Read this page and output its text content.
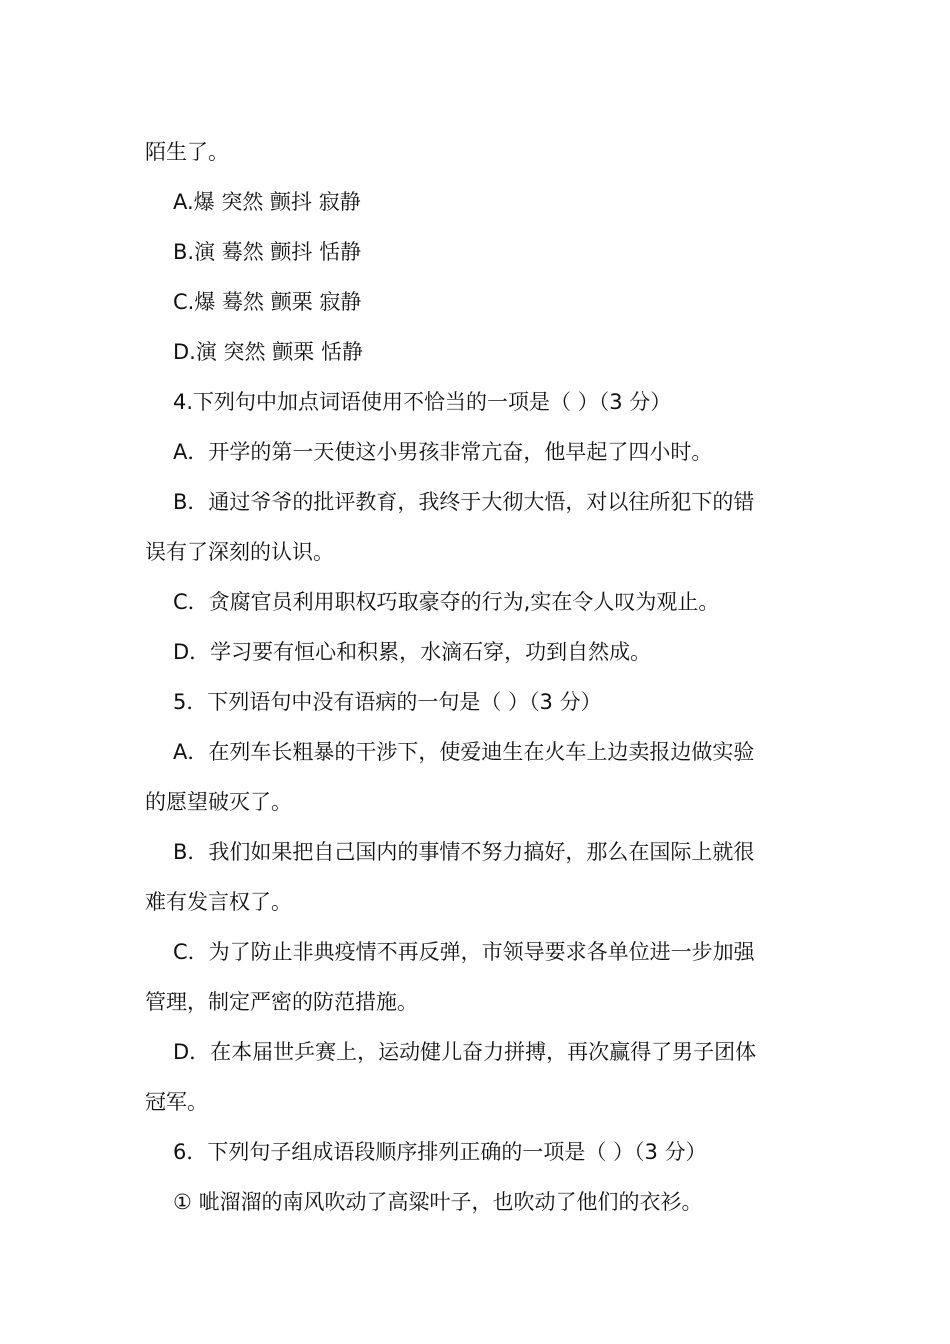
陌生了。
A.爆 突然 颤抖 寂静
B.演 蓦然 颤抖 恬静
C.爆 蓦然 颤栗 寂静
D.演 突然 颤栗 恬静
4.下列句中加点词语使用不恰当的一项是（ ）（3 分）
A．开学的第一天使这小男孩非常亢奋，他早起了四小时。
B．通过爷爷的批评教育，我终于大彻大悟，对以往所犯下的错
误有了深刻的认识。
C．贪腐官员利用职权巧取豪夺的行为,实在令人叹为观止。
D．学习要有恒心和积累，水滴石穿，功到自然成。
5．下列语句中没有语病的一句是（ ）（3 分）
A．在列车长粗暴的干涉下，使爱迪生在火车上边卖报边做实验
的愿望破灭了。
B．我们如果把自己国内的事情不努力搞好，那么在国际上就很
难有发言权了。
C．为了防止非典疫情不再反弹，市领导要求各单位进一步加强
管理，制定严密的防范措施。
D．在本届世乒赛上，运动健儿奋力拼搏，再次赢得了男子团体
冠军。
6．下列句子组成语段顺序排列正确的一项是（ ）（3 分）
① 呲溜溜的南风吹动了高粱叶子，也吹动了他们的衣衫。
